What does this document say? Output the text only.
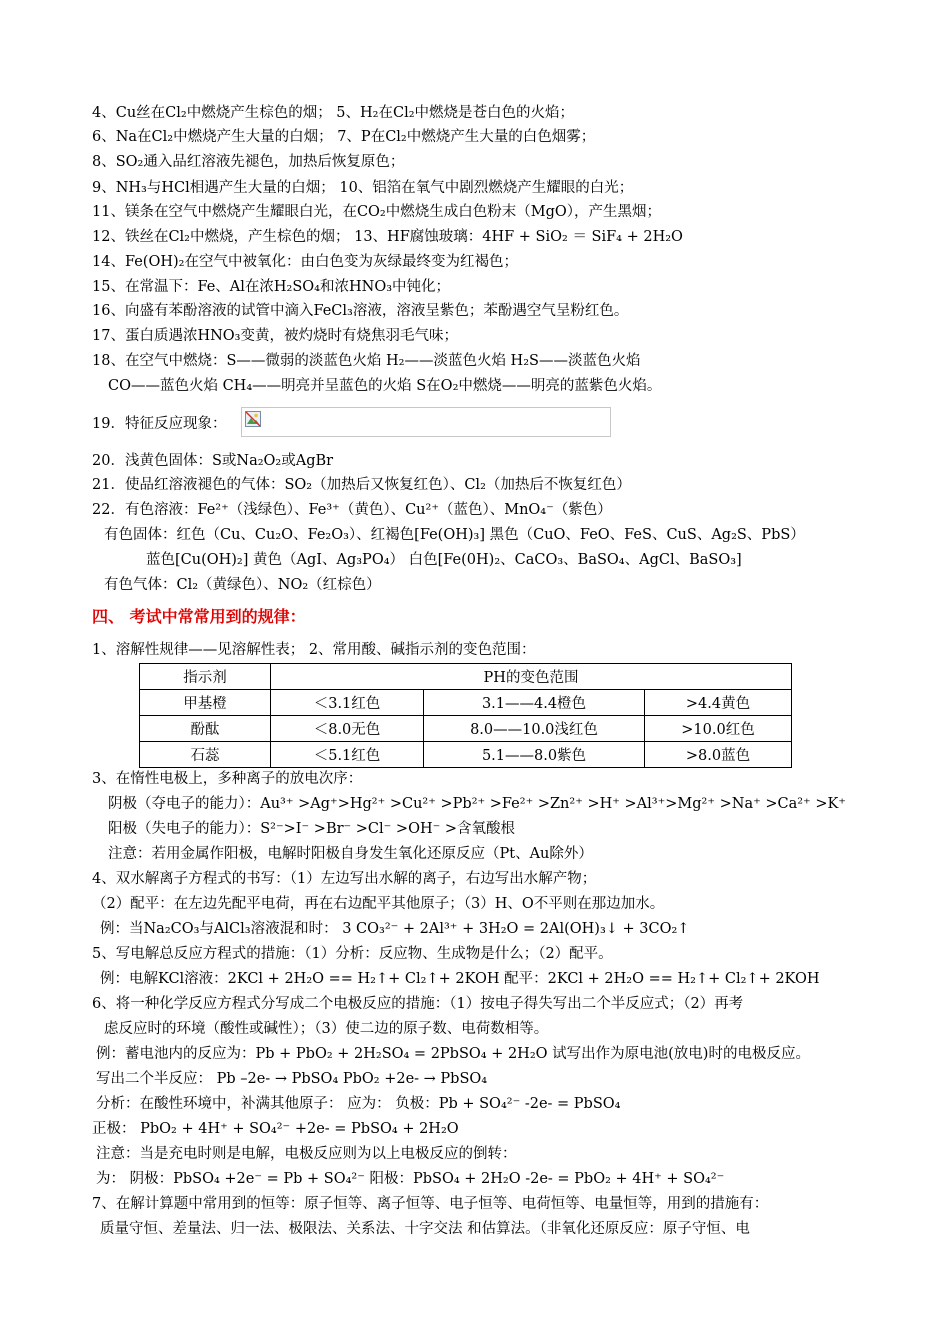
4、Cu丝在Cl₂中燃烧产生棕色的烟； 5、H₂在Cl₂中燃烧是苍白色的火焰；
6、Na在Cl₂中燃烧产生大量的白烟； 7、P在Cl₂中燃烧产生大量的白色烟雾；
8、SO₂通入品红溶液先褪色，加热后恢复原色；
9、NH₃与HCl相遇产生大量的白烟； 10、铝箔在氧气中剧烈燃烧产生耀眼的白光；
11、镁条在空气中燃烧产生耀眼白光，在CO₂中燃烧生成白色粉末（MgO），产生黑烟；
12、铁丝在Cl₂中燃烧，产生棕色的烟； 13、HF腐蚀玻璃：4HF + SiO₂ ＝ SiF₄ + 2H₂O
14、Fe(OH)₂在空气中被氧化：由白色变为灰绿最终变为红褐色；
15、在常温下：Fe、Al在浓H₂SO₄和浓HNO₃中钝化；
16、向盛有苯酚溶液的试管中滴入FeCl₃溶液，溶液呈紫色；苯酚遇空气呈粉红色。
17、蛋白质遇浓HNO₃变黄，被灼烧时有烧焦羽毛气味；
18、在空气中燃烧：S——微弱的淡蓝色火焰 H₂——淡蓝色火焰 H₂S——淡蓝色火焰
CO——蓝色火焰 CH₄——明亮并呈蓝色的火焰 S在O₂中燃烧——明亮的蓝紫色火焰。
19．特征反应现象：
20．浅黄色固体：S或Na₂O₂或AgBr
21．使品红溶液褪色的气体：SO₂（加热后又恢复红色）、Cl₂（加热后不恢复红色）
22．有色溶液：Fe²⁺（浅绿色）、Fe³⁺（黄色）、Cu²⁺（蓝色）、MnO₄⁻（紫色）
有色固体：红色（Cu、Cu₂O、Fe₂O₃）、红褐色[Fe(OH)₃] 黑色（CuO、FeO、FeS、CuS、Ag₂S、PbS）
蓝色[Cu(OH)₂] 黄色（AgI、Ag₃PO₄） 白色[Fe(0H)₂、CaCO₃、BaSO₄、AgCl、BaSO₃]
有色气体：Cl₂（黄绿色）、NO₂（红棕色）
四、 考试中常常用到的规律：
1、溶解性规律——见溶解性表； 2、常用酸、碱指示剂的变色范围：
指示剂	PH的变色范围		
甲基橙	＜3.1红色	3.1——4.4橙色	>4.4黄色
酚酞	＜8.0无色	8.0——10.0浅红色	>10.0红色
石蕊	＜5.1红色	5.1——8.0紫色	>8.0蓝色
3、在惰性电极上，多种离子的放电次序：
阴极（夺电子的能力）：Au³⁺ >Ag⁺>Hg²⁺ >Cu²⁺ >Pb²⁺ >Fe²⁺ >Zn²⁺ >H⁺ >Al³⁺>Mg²⁺ >Na⁺ >Ca²⁺ >K⁺
阳极（失电子的能力）：S²⁻>I⁻ >Br⁻ >Cl⁻ >OH⁻ >含氧酸根
注意：若用金属作阳极，电解时阳极自身发生氧化还原反应（Pt、Au除外）
4、双水解离子方程式的书写：（1）左边写出水解的离子，右边写出水解产物；
（2）配平：在左边先配平电荷，再在右边配平其他原子；（3）H、O不平则在那边加水。
例：当Na₂CO₃与AlCl₃溶液混和时： 3 CO₃²⁻ + 2Al³⁺ + 3H₂O = 2Al(OH)₃↓ + 3CO₂↑
5、写电解总反应方程式的措施：（1）分析：反应物、生成物是什么；（2）配平。
例：电解KCl溶液：2KCl + 2H₂O == H₂↑+ Cl₂↑+ 2KOH 配平：2KCl + 2H₂O == H₂↑+ Cl₂↑+ 2KOH
6、将一种化学反应方程式分写成二个电极反应的措施：（1）按电子得失写出二个半反应式；（2）再考
虑反应时的环境（酸性或碱性）；（3）使二边的原子数、电荷数相等。
例：蓄电池内的反应为：Pb + PbO₂ + 2H₂SO₄ = 2PbSO₄ + 2H₂O 试写出作为原电池(放电)时的电极反应。
写出二个半反应： Pb –2e- → PbSO₄ PbO₂ +2e- → PbSO₄
分析：在酸性环境中，补满其他原子： 应为： 负极：Pb + SO₄²⁻ -2e- = PbSO₄
正极： PbO₂ + 4H⁺ + SO₄²⁻ +2e- = PbSO₄ + 2H₂O
注意：当是充电时则是电解，电极反应则为以上电极反应的倒转：
为： 阴极：PbSO₄ +2e⁻ = Pb + SO₄²⁻ 阳极：PbSO₄ + 2H₂O -2e- = PbO₂ + 4H⁺ + SO₄²⁻
7、在解计算题中常用到的恒等：原子恒等、离子恒等、电子恒等、电荷恒等、电量恒等，用到的措施有：
质量守恒、差量法、归一法、极限法、关系法、十字交法 和估算法。（非氧化还原反应：原子守恒、电
